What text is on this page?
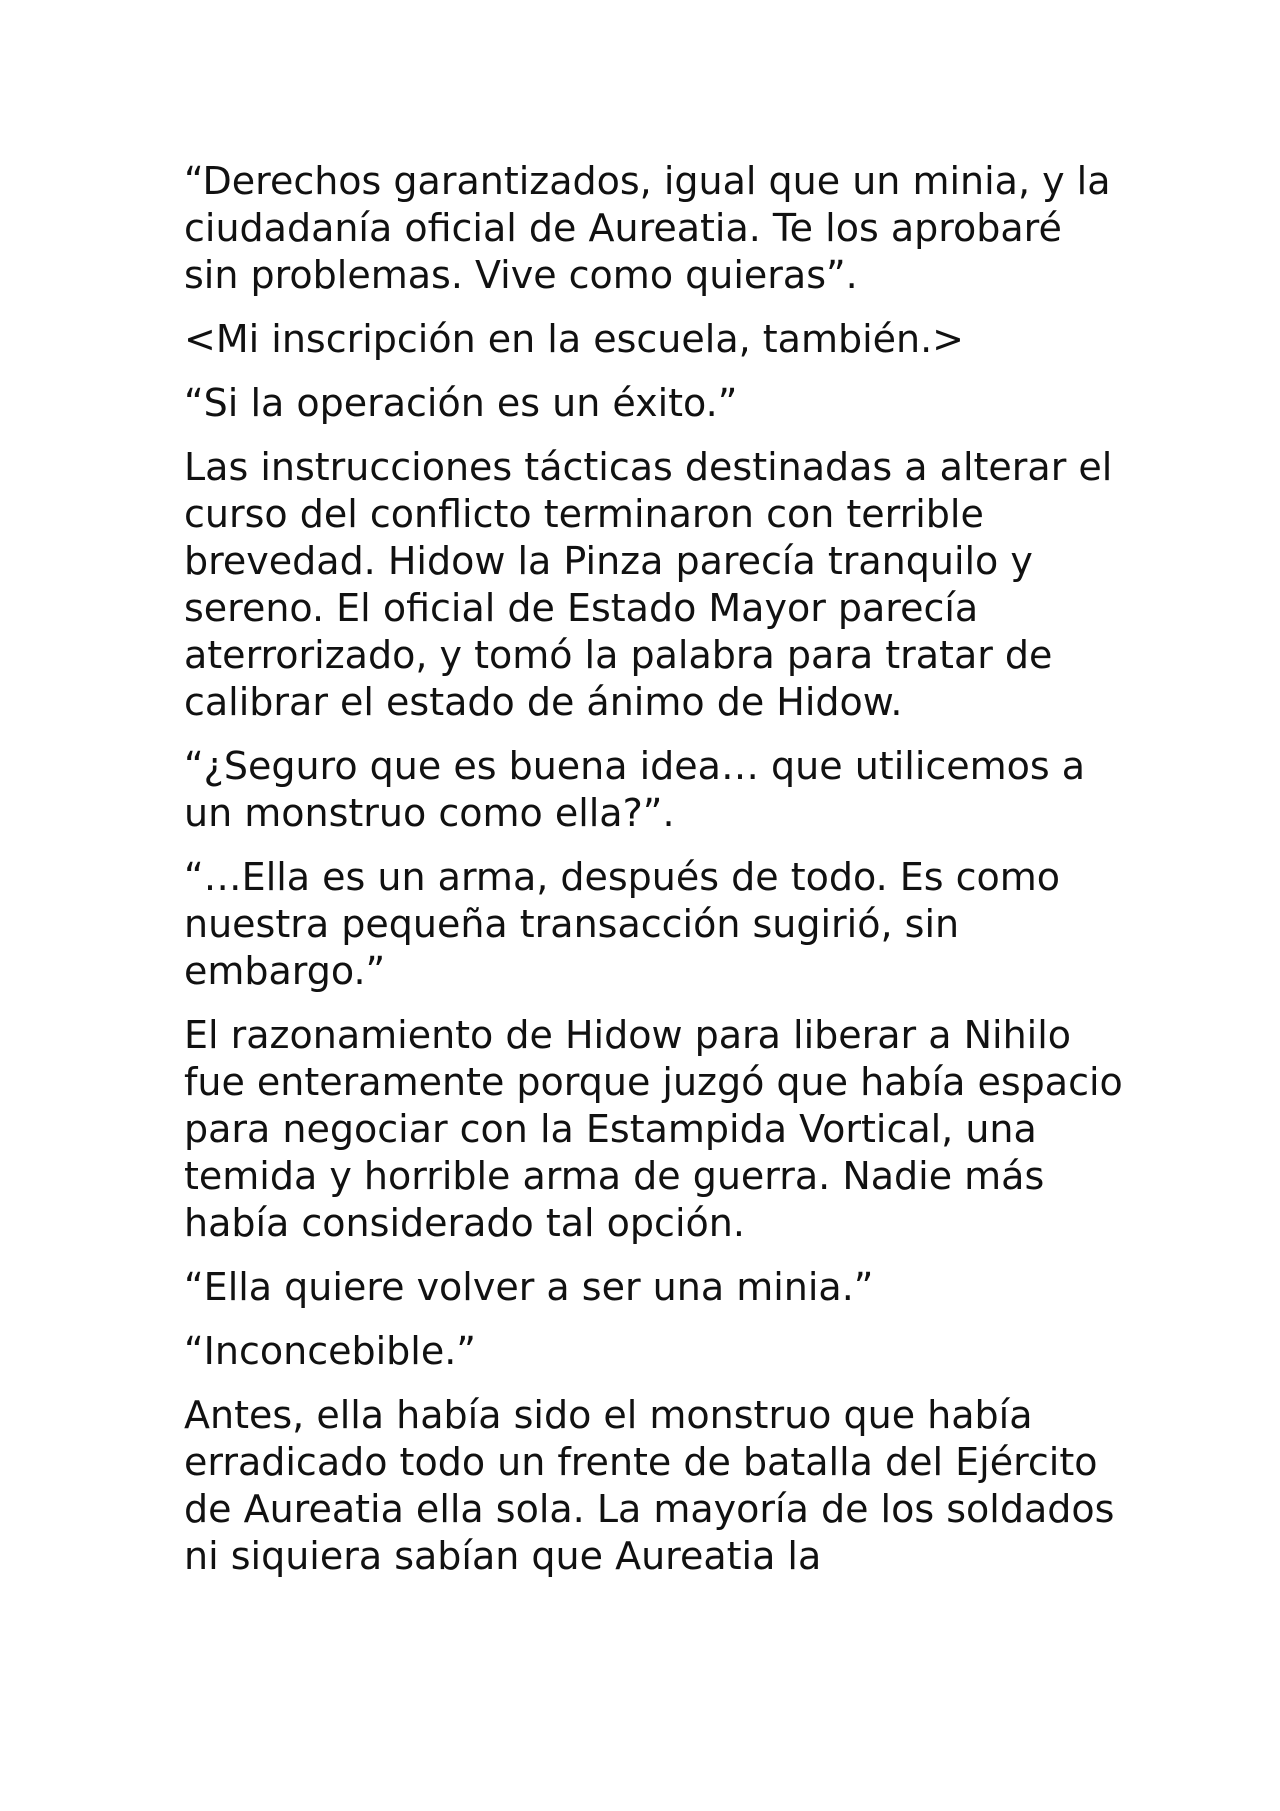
“Derechos garantizados, igual que un minia, y la ciudadanía oficial de Aureatia. Te los aprobaré sin problemas. Vive como quieras”.

<Mi inscripción en la escuela, también.>

“Si la operación es un éxito.”

Las instrucciones tácticas destinadas a alterar el curso del conflicto terminaron con terrible brevedad. Hidow la Pinza parecía tranquilo y sereno. El oficial de Estado Mayor parecía aterrorizado, y tomó la palabra para tratar de calibrar el estado de ánimo de Hidow.

“¿Seguro que es buena idea… que utilicemos a un monstruo como ella?”.

“…Ella es un arma, después de todo. Es como nuestra pequeña transacción sugirió, sin embargo.”

El razonamiento de Hidow para liberar a Nihilo fue enteramente porque juzgó que había espacio para negociar con la Estampida Vortical, una temida y horrible arma de guerra. Nadie más había considerado tal opción.

“Ella quiere volver a ser una minia.”

“Inconcebible.”

Antes, ella había sido el monstruo que había erradicado todo un frente de batalla del Ejército de Aureatia ella sola. La mayoría de los soldados ni siquiera sabían que Aureatia la
